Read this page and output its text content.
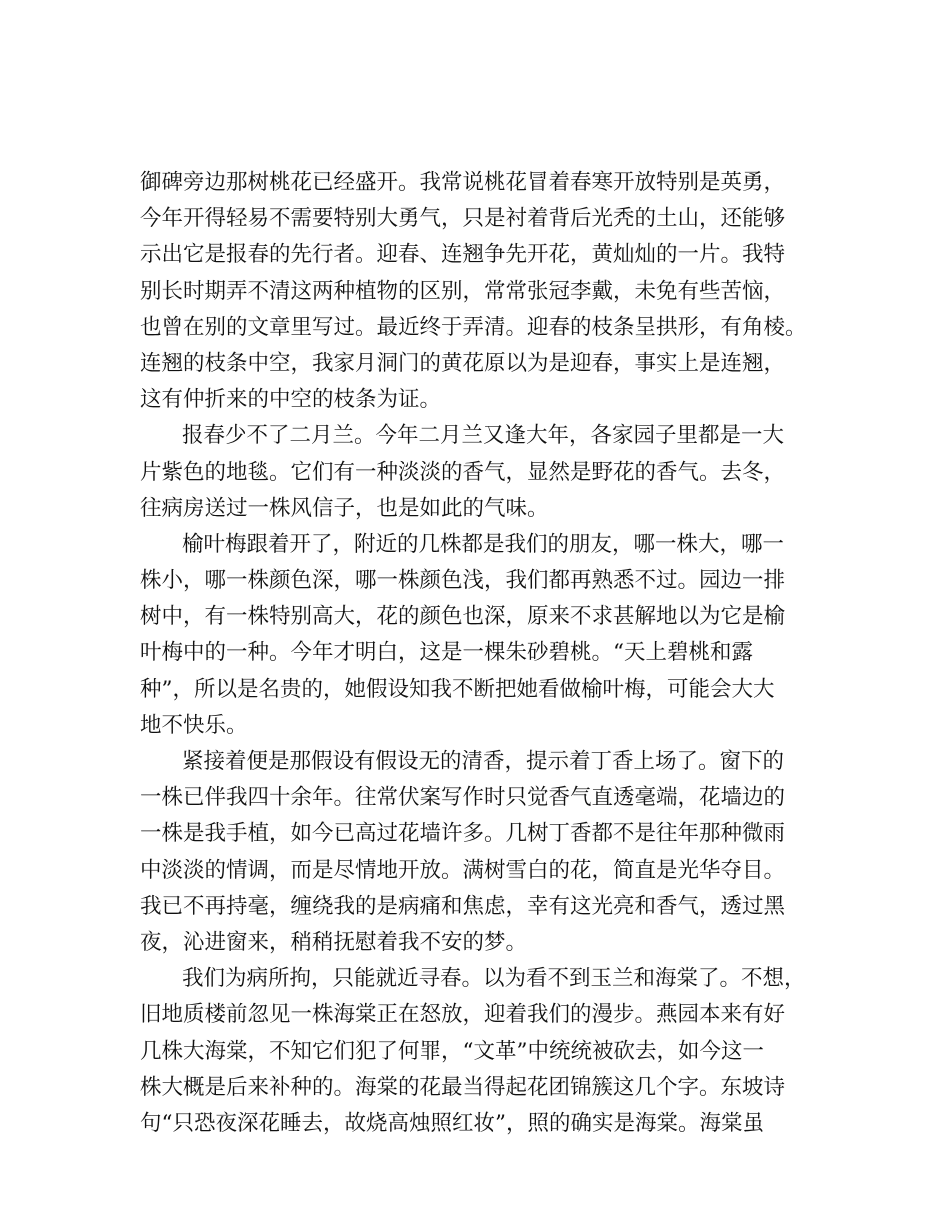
御碑旁边那树桃花已经盛开。我常说桃花冒着春寒开放特别是英勇，
今年开得轻易不需要特别大勇气，只是衬着背后光秃的土山，还能够
示出它是报春的先行者。迎春、连翘争先开花，黄灿灿的一片。我特
别长时期弄不清这两种植物的区别，常常张冠李戴，未免有些苦恼，
也曾在别的文章里写过。最近终于弄清。迎春的枝条呈拱形，有角棱。
连翘的枝条中空，我家月洞门的黄花原以为是迎春，事实上是连翘，
这有仲折来的中空的枝条为证。
报春少不了二月兰。今年二月兰又逢大年，各家园子里都是一大
片紫色的地毯。它们有一种淡淡的香气，显然是野花的香气。去冬，
往病房送过一株风信子，也是如此的气味。
榆叶梅跟着开了，附近的几株都是我们的朋友，哪一株大，哪一
株小，哪一株颜色深，哪一株颜色浅，我们都再熟悉不过。园边一排
树中，有一株特别高大，花的颜色也深，原来不求甚解地以为它是榆
叶梅中的一种。今年才明白，这是一棵朱砂碧桃。“天上碧桃和露
种”，所以是名贵的，她假设知我不断把她看做榆叶梅，可能会大大
地不快乐。
紧接着便是那假设有假设无的清香，提示着丁香上场了。窗下的
一株已伴我四十余年。往常伏案写作时只觉香气直透毫端，花墙边的
一株是我手植，如今已高过花墙许多。几树丁香都不是往年那种微雨
中淡淡的情调，而是尽情地开放。满树雪白的花，简直是光华夺目。
我已不再持毫，缠绕我的是病痛和焦虑，幸有这光亮和香气，透过黑
夜，沁进窗来，稍稍抚慰着我不安的梦。
我们为病所拘，只能就近寻春。以为看不到玉兰和海棠了。不想，
旧地质楼前忽见一株海棠正在怒放，迎着我们的漫步。燕园本来有好
几株大海棠，不知它们犯了何罪，“文革”中统统被砍去，如今这一
株大概是后来补种的。海棠的花最当得起花团锦簇这几个字。东坡诗
句“只恐夜深花睡去，故烧高烛照红妆”，照的确实是海棠。海棠虽
